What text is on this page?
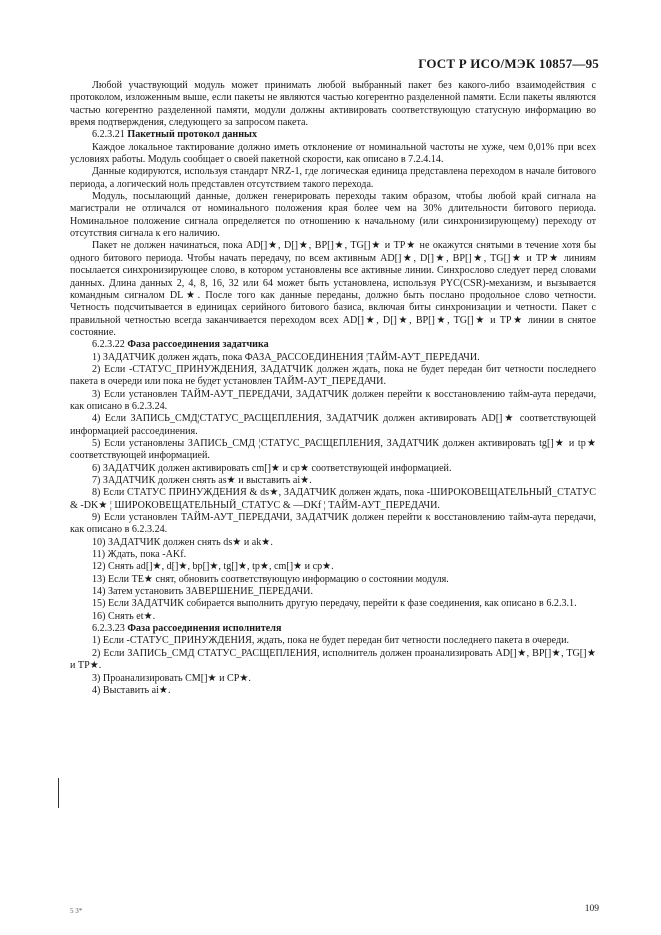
ГОСТ Р ИСО/МЭК 10857—95

Любой участвующий модуль может принимать любой выбранный пакет без какого-либо взаимодействия с протоколом, изложенным выше, если пакеты не являются частью когерентно разделенной памяти. Если пакеты являются частью когерентно разделенной памяти, модули должны активировать соответствующую статусную информацию во время подтверждения, следующего за запросом пакета.

6.2.3.21 Пакетный протокол данных

Каждое локальное тактирование должно иметь отклонение от номинальной частоты не хуже, чем 0,01% при всех условиях работы. Модуль сообщает о своей пакетной скорости, как описано в 7.2.4.14.

Данные кодируются, используя стандарт NRZ-1, где логическая единица представлена переходом в начале битового периода, а логический ноль представлен отсутствием такого перехода.

Модуль, посылающий данные, должен генерировать переходы таким образом, чтобы любой край сигнала на магистрали не отличался от номинального положения края более чем на 30% длительности битового периода. Номинальное положение сигнала определяется по отношению к начальному (или синхронизирующему) переходу от отсутствия сигнала к его наличию.

Пакет не должен начинаться, пока AD[]★, D[]★, BP[]★, TG[]★ и TP★ не окажутся снятыми в течение хотя бы одного битового периода. Чтобы начать передачу, по всем активным AD[]★, D[]★, BP[]★, TG[]★ и TP★ линиям посылается синхронизирующее слово, в котором установлены все активные линии. Синхрослово следует перед словами данных. Длина данных 2, 4, 8, 16, 32 или 64 может быть установлена, используя PYC(CSR)-механизм, и вызывается командным сигналом DL★. После того как данные переданы, должно быть послано продольное слово четности. Четность подсчитывается в единицах серийного битового базиса, включая биты синхронизации и четности. Пакет с правильной четностью всегда заканчивается переходом всех AD[]★, D[]★, BP[]★, TG[]★ и TP★ линии в снятое состояние.

6.2.3.22 Фаза рассоединения задатчика

1) ЗАДАТЧИК должен ждать, пока ФАЗА_РАССОЕДИНЕНИЯ ¦ТАЙМ-АУТ_ПЕРЕДАЧИ.

2) Если -СТАТУС_ПРИНУЖДЕНИЯ, ЗАДАТЧИК должен ждать, пока не будет передан бит четности последнего пакета в очереди или пока не будет установлен ТАЙМ-АУТ_ПЕРЕДАЧИ.

3) Если установлен ТАЙМ-АУТ_ПЕРЕДАЧИ, ЗАДАТЧИК должен перейти к восстановлению тайм-аута передачи, как описано в 6.2.3.24.

4) Если ЗАПИСЬ_СМД¦СТАТУС_РАСЩЕПЛЕНИЯ, ЗАДАТЧИК должен активировать AD[]★ соответствующей информацией рассоединения.

5) Если установлены ЗАПИСЬ_СМД ¦СТАТУС_РАСЩЕПЛЕНИЯ, ЗАДАТЧИК должен активировать tg[]★ и tp★ соответствующей информацией.

6) ЗАДАТЧИК должен активировать cm[]★ и cp★ соответствующей информацией.

7) ЗАДАТЧИК должен снять as★ и выставить ai★.

8) Если СТАТУС ПРИНУЖДЕНИЯ & ds★, ЗАДАТЧИК должен ждать, пока -ШИРОКОВЕЩАТЕЛЬНЫЙ_СТАТУС & -DK★ ¦ ШИРОКОВЕЩАТЕЛЬНЫЙ_СТАТУС & —DKf ¦ ТАЙМ-АУТ_ПЕРЕДАЧИ.

9) Если установлен ТАЙМ-АУТ_ПЕРЕДАЧИ, ЗАДАТЧИК должен перейти к восстановлению тайм-аута передачи, как описано в 6.2.3.24.

10) ЗАДАТЧИК должен снять ds★ и ak★.

11) Ждать, пока -AKf.

12) Снять ad[]★, d[]★, bp[]★, tg[]★, tp★, cm[]★ и cp★.

13) Если TE★ снят, обновить соответствующую информацию о состоянии модуля.

14) Затем установить ЗАВЕРШЕНИЕ_ПЕРЕДАЧИ.

15) Если ЗАДАТЧИК собирается выполнить другую передачу, перейти к фазе соединения, как описано в 6.2.3.1.

16) Снять et★.

6.2.3.23 Фаза рассоединения исполнителя

1) Если -СТАТУС_ПРИНУЖДЕНИЯ, ждать, пока не будет передан бит четности последнего пакета в очереди.

2) Если ЗАПИСЬ_СМД СТАТУС_РАСЩЕПЛЕНИЯ, исполнитель должен проанализировать AD[]★, BP[]★, TG[]★ и TP★.

3) Проанализировать CM[]★ и CP★.

4) Выставить ai★.

5 3*	109
